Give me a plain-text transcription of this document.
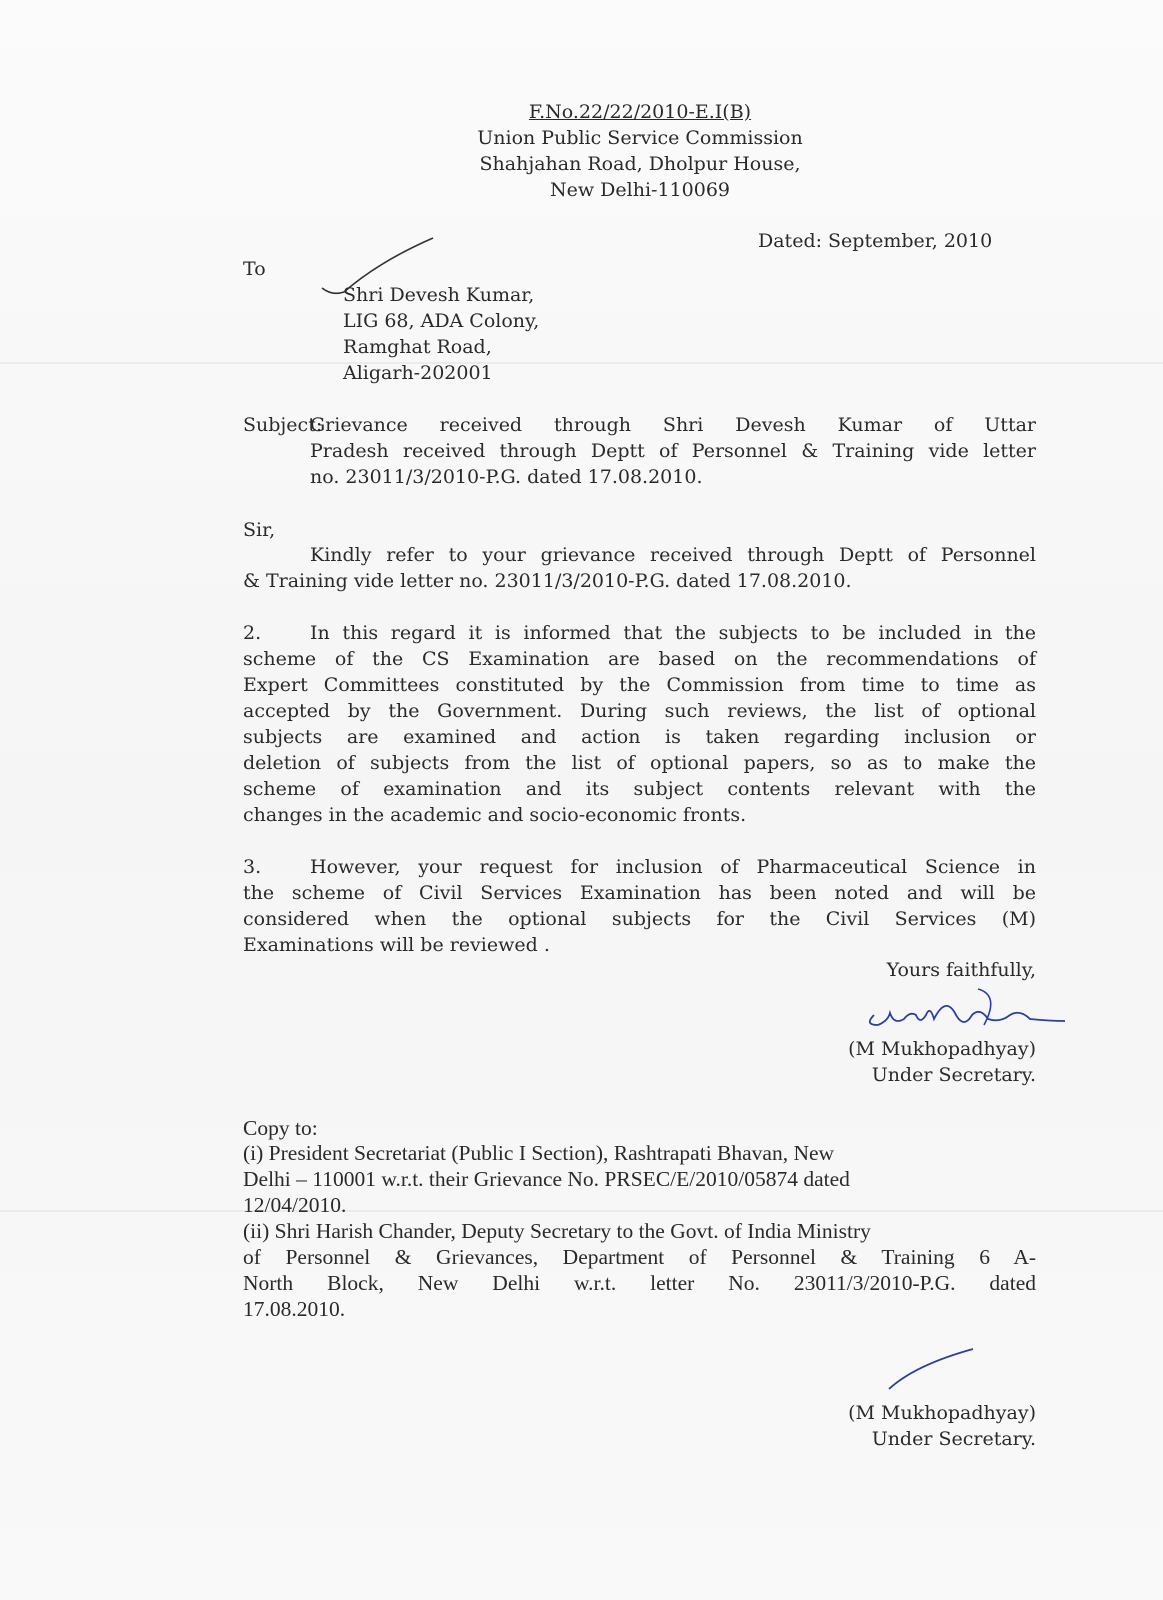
F.No.22/22/2010-E.I(B)
Union Public Service Commission
Shahjahan Road, Dholpur House,
New Delhi-110069
Dated: September, 2010
To
Shri Devesh Kumar,
LIG 68, ADA Colony,
Ramghat Road,
Aligarh-202001
Subject:
Grievance received through Shri Devesh Kumar of Uttar
Pradesh received through Deptt of Personnel & Training vide letter
no. 23011/3/2010-P.G. dated 17.08.2010.
Sir,
Kindly refer to your grievance received through Deptt of Personnel
& Training vide letter no. 23011/3/2010-P.G. dated 17.08.2010.
2.	In this regard it is informed that the subjects to be included in the
scheme of the CS Examination are based on the recommendations of
Expert Committees constituted by the Commission from time to time as
accepted by the Government. During such reviews, the list of optional
subjects are examined and action is taken regarding inclusion or
deletion of subjects from the list of optional papers, so as to make the
scheme of examination and its subject contents relevant with the
changes in the academic and socio-economic fronts.
3.	However, your request for inclusion of Pharmaceutical Science in
the scheme of Civil Services Examination has been noted and will be
considered when the optional subjects for the Civil Services (M)
Examinations will be reviewed .
Yours faithfully,
(M Mukhopadhyay)
Under Secretary.
Copy to:
(i) President Secretariat (Public I Section), Rashtrapati Bhavan, New
Delhi – 110001 w.r.t. their Grievance No. PRSEC/E/2010/05874 dated
12/04/2010.
(ii) Shri Harish Chander, Deputy Secretary to the Govt. of India Ministry
of Personnel & Grievances, Department of Personnel & Training 6 A-
North Block, New Delhi w.r.t. letter No. 23011/3/2010-P.G. dated
17.08.2010.
(M Mukhopadhyay)
Under Secretary.
